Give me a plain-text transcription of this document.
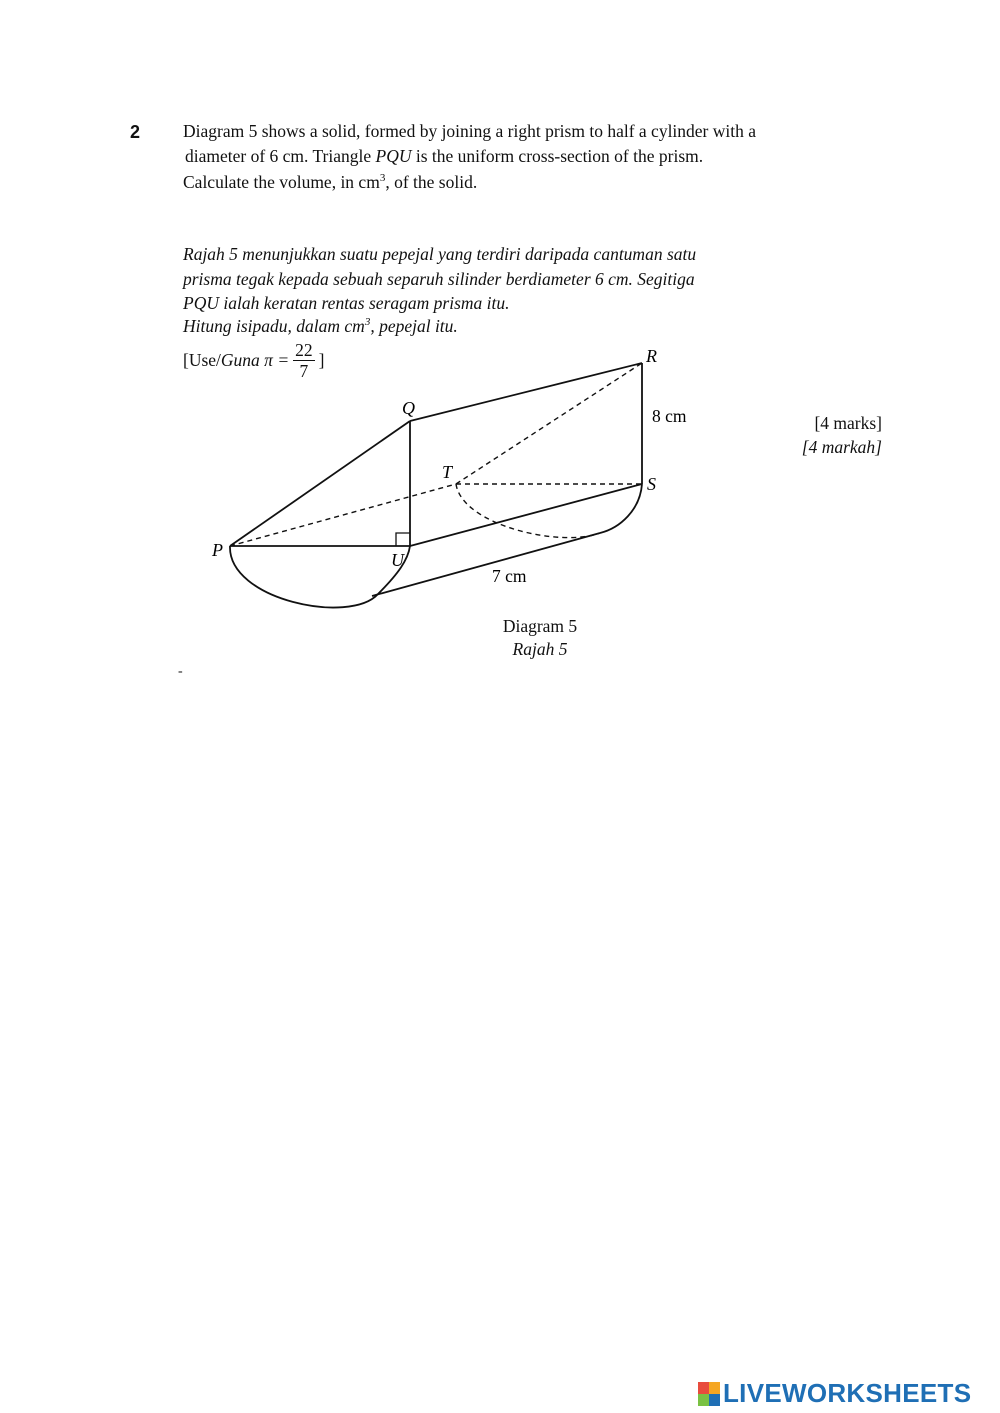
2 Diagram 5 shows a solid, formed by joining a right prism to half a cylinder with a
diameter of 6 cm. Triangle PQU is the uniform cross-section of the prism.
Calculate the volume, in $cm^3$, of the solid.
Rajah 5 menunjukkan suatu pepejal yang terdiri daripada cantuman satu
prisma tegak kepada sebuah separuh silinder berdiameter 6 cm. Segitiga
PQU ialah keratan rentas seragam prisma itu.
Hitung isipadu, dalam $cm^3$, pepejal itu.
[Use/ Guna
$\pi = \frac{22}{7}$ ]
[4 marks]
[4 markah]
P
Q
U
T
R
S
8 cm
7 cm
Diagram 5
Rajah 5
-
LIVEWORKSHEETS
